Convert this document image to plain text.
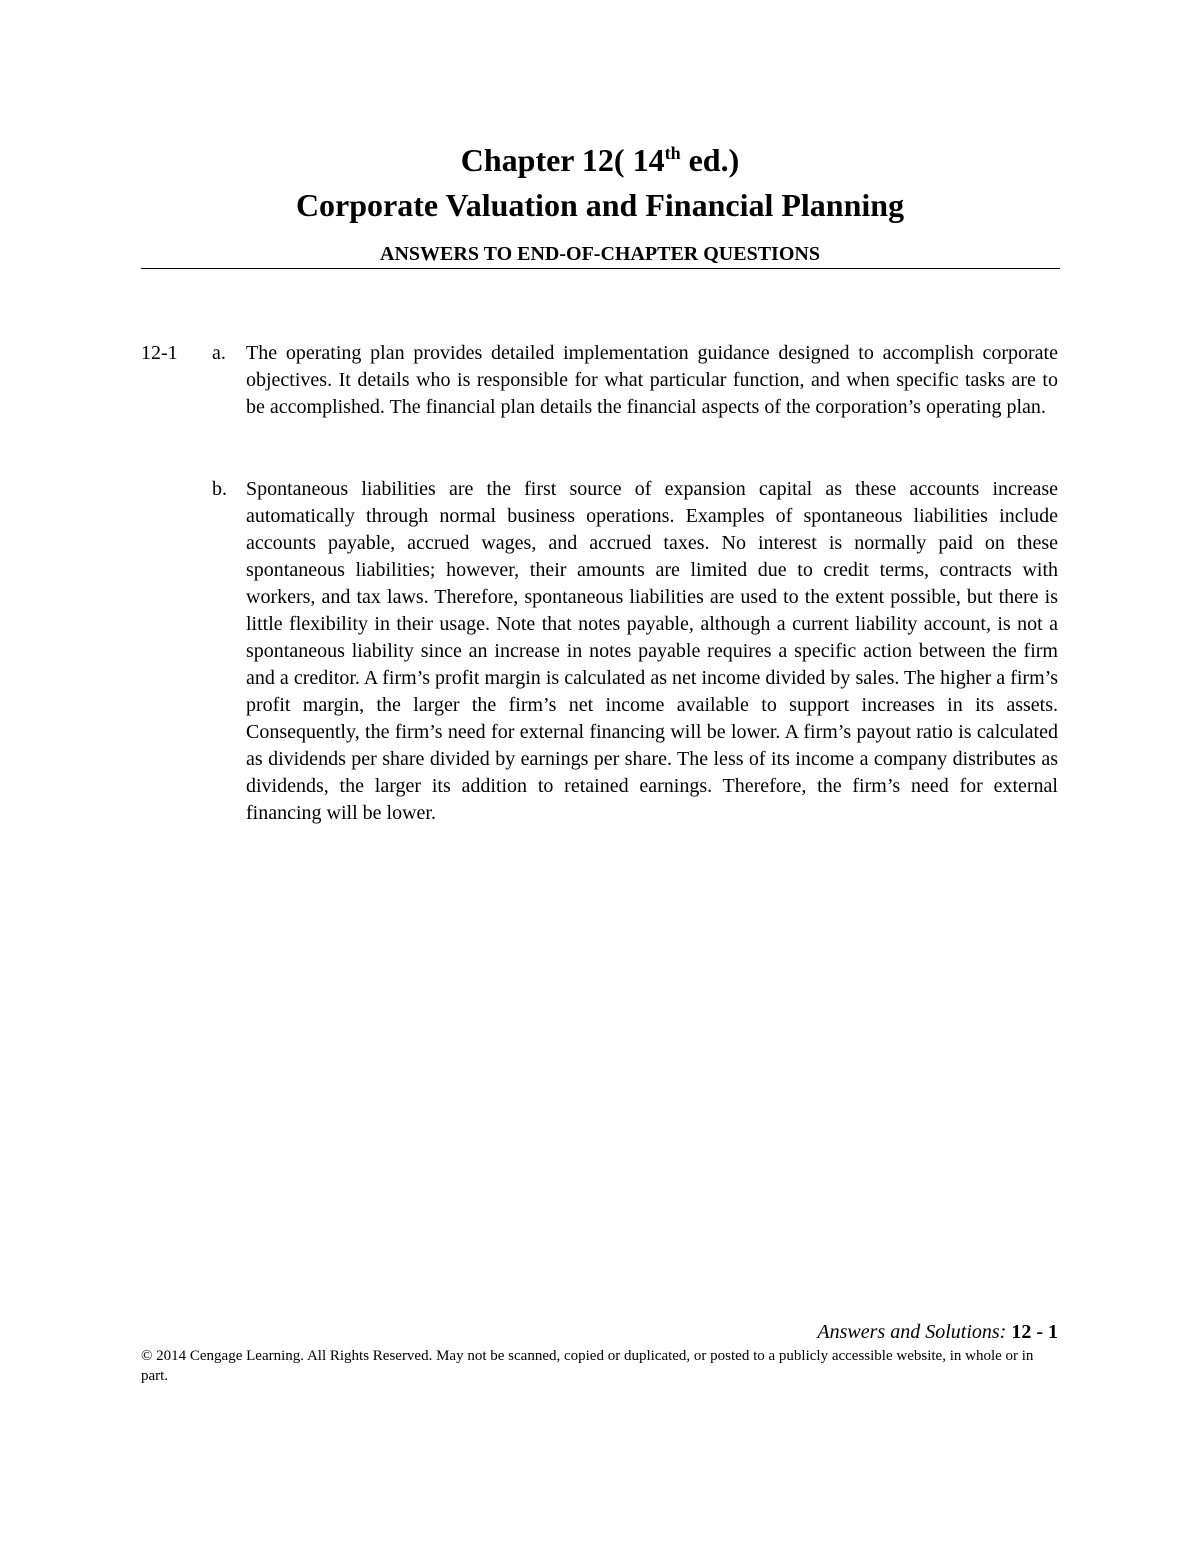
Chapter 12( 14th ed.)
Corporate Valuation and Financial Planning
ANSWERS TO END-OF-CHAPTER QUESTIONS
12-1 a. The operating plan provides detailed implementation guidance designed to accomplish corporate objectives. It details who is responsible for what particular function, and when specific tasks are to be accomplished. The financial plan details the financial aspects of the corporation’s operating plan.
b. Spontaneous liabilities are the first source of expansion capital as these accounts increase automatically through normal business operations. Examples of spontaneous liabilities include accounts payable, accrued wages, and accrued taxes. No interest is normally paid on these spontaneous liabilities; however, their amounts are limited due to credit terms, contracts with workers, and tax laws. Therefore, spontaneous liabilities are used to the extent possible, but there is little flexibility in their usage. Note that notes payable, although a current liability account, is not a spontaneous liability since an increase in notes payable requires a specific action between the firm and a creditor. A firm’s profit margin is calculated as net income divided by sales. The higher a firm’s profit margin, the larger the firm’s net income available to support increases in its assets. Consequently, the firm’s need for external financing will be lower. A firm’s payout ratio is calculated as dividends per share divided by earnings per share. The less of its income a company distributes as dividends, the larger its addition to retained earnings. Therefore, the firm’s need for external financing will be lower.
Answers and Solutions: 12 - 1
© 2014 Cengage Learning. All Rights Reserved. May not be scanned, copied or duplicated, or posted to a publicly accessible website, in whole or in part.
